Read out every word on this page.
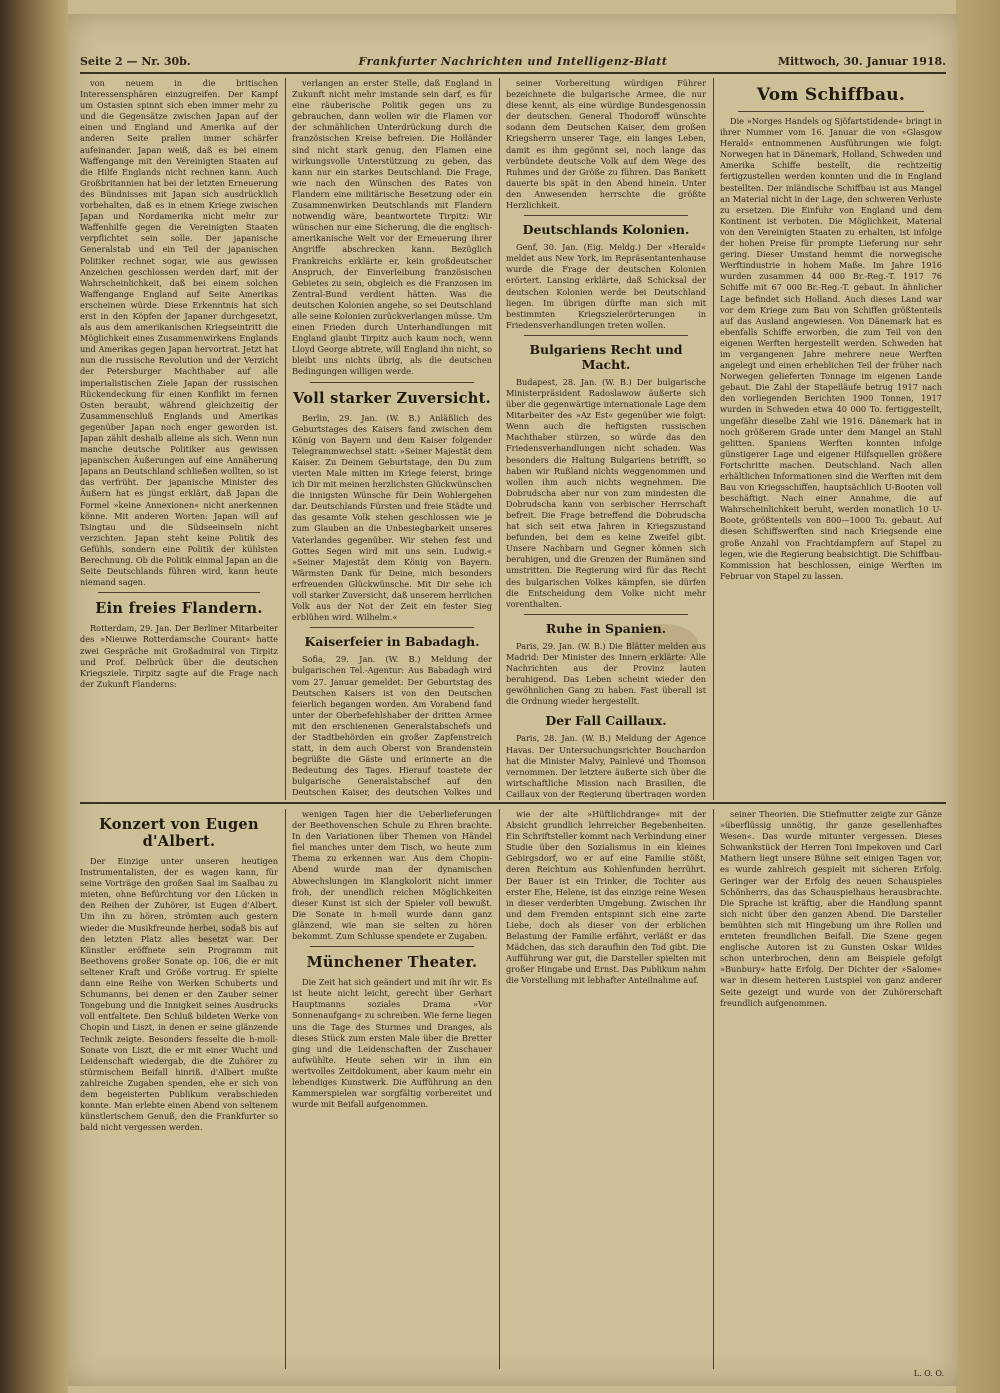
Seite 2 — Nr. 30b.	Frankfurter Nachrichten und Intelligenz-Blatt	Mittwoch, 30. Januar 1918.

von neuem in die britischen Interessensphären einzugreifen. Der Kampf um Ostasien spinnt sich eben immer mehr zu und die Gegensätze zwischen Japan auf der einen und England und Amerika auf der anderen Seite prallen immer schärfer aufeinander. Japan weiß, daß es bei einem Waffengange mit den Vereinigten Staaten auf die Hilfe Englands nicht rechnen kann. Auch Großbritannien hat bei der letzten Erneuerung des Bündnisses mit Japan sich ausdrücklich vorbehalten, daß es in einem Kriege zwischen Japan und Nordamerika nicht mehr zur Waffenhilfe gegen die Vereinigten Staaten verpflichtet sein solle. Der japanische Generalstab und ein Teil der japanischen Politiker rechnet sogar, wie aus gewissen Anzeichen geschlossen werden darf, mit der Wahrscheinlichkeit, daß bei einem solchen Waffengange England auf Seite Amerikas erscheinen würde. Diese Erkenntnis hat sich erst in den Köpfen der Japaner durchgesetzt, als aus dem amerikanischen Kriegseintritt die Möglichkeit eines Zusammenwirkens Englands und Amerikas gegen Japan hervortrat. Jetzt hat nun die russische Revolution und der Verzicht der Petersburger Machthaber auf alle imperialistischen Ziele Japan der russischen Rückendeckung für einen Konflikt im fernen Osten beraubt, während gleichzeitig der Zusammenschluß Englands und Amerikas gegenüber Japan noch enger geworden ist. Japan zählt deshalb alleine als sich. Wenn nun manche deutsche Politiker aus gewissen japanischen Äußerungen auf eine Annäherung Japans an Deutschland schließen wollten, so ist das verfrüht. Der japanische Minister des Äußern hat es jüngst erklärt, daß Japan die Formel »keine Annexionen« nicht anerkennen könne. Mit anderen Worten: Japan will auf Tsingtau und die Südseeinseln nicht verzichten. Japan steht keine Politik des Gefühls, sondern eine Politik der kühlsten Berechnung. Ob die Politik einmal Japan an die Seite Deutschlands führen wird, kann heute niemand sagen.

Ein freies Flandern.

Rotterdam, 29. Jan. Der Berliner Mitarbeiter des »Nieuwe Rotterdamsche Courant« hatte zwei Gespräche mit Großadmiral von Tirpitz und Prof. Delbrück über die deutschen Kriegsziele. Tirpitz sagte auf die Frage nach der Zukunft Flanderns:

verlangen an erster Stelle, daß England in Zukunft nicht mehr imstande sein darf, es für eine räuberische Politik gegen uns zu gebrauchen, dann wollen wir die Flamen vor der schmählichen Unterdrückung durch die französischen Kreise befreien. Die Holländer sind nicht stark genug, den Flamen eine wirkungsvolle Unterstützung zu geben, das kann nur ein starkes Deutschland. Die Frage, wie nach den Wünschen des Rates von Flandern eine militärische Besetzung oder ein Zusammenwirken Deutschlands mit Flandern notwendig wäre, beantwortete Tirpitz: Wir wünschen nur eine Sicherung, die die englisch-amerikanische Welt vor der Erneuerung ihrer Angriffe abschrecken kann. Bezüglich Frankreichs erklärte er, kein großdeutscher Anspruch, der Einverleibung französischen Gebietes zu sein, obgleich es die Franzosen im Zentral-Bund verdient hätten. Was die deutschen Kolonien angehe, so sei Deutschland alle seine Kolonien zurückverlangen müsse. Um einen Frieden durch Unterhandlungen mit England glaubt Tirpitz auch kaum noch, wenn Lloyd George abtrete, will England ihn nicht, so bleibt uns nichts übrig, als die deutschen Bedingungen willigen werde.

Voll starker Zuversicht.

Berlin, 29. Jan. (W. B.) Anläßlich des Geburtstages des Kaisers fand zwischen dem König von Bayern und dem Kaiser folgender Telegrammwechsel statt: »Seiner Majestät dem Kaiser. Zu Deinem Geburtstage, den Du zum vierten Male mitten im Kriege feierst, bringe ich Dir mit meinen herzlichsten Glückwünschen die innigsten Wünsche für Dein Wohlergehen dar. Deutschlands Fürsten und freie Städte und das gesamte Volk stehen geschlossen wie je zum Glauben an die Unbesiegbarkeit unseres Vaterlandes gegenüber. Wir stehen fest und Gottes Segen wird mit uns sein. Ludwig.« »Seiner Majestät dem König von Bayern. Wärmsten Dank für Deine, mich besonders erfreuenden Glückwünsche. Mit Dir sehe ich voll starker Zuversicht, daß unserem herrlichen Volk aus der Not der Zeit ein fester Sieg erblühen wird. Wilhelm.«

Kaiserfeier in Babadagh.

Sofia, 29. Jan. (W. B.) Meldung der bulgarischen Tel.-Agentur: Aus Babadagh wird vom 27. Januar gemeldet: Der Geburtstag des Deutschen Kaisers ist von den Deutschen feierlich begangen worden. Am Vorabend fand unter der Oberbefehlshaber der dritten Armee mit den erschienenen Generalstabschefs und der Stadtbehörden ein großer Zapfenstreich statt, in dem auch Oberst von Brandenstein begrüßte die Gäste und erinnerte an die Bedeutung des Tages. Hierauf toastete der bulgarische Generalstabschef auf den Deutschen Kaiser, des deutschen Volkes und

seiner Vorbereitung würdigen Führer bezeichnete die bulgarische Armee, die nur diese kennt, als eine würdige Bundesgenossin der deutschen. General Thodoroff wünschte sodann dem Deutschen Kaiser, dem großen Kriegsherrn unserer Tage, ein langes Leben, damit es ihm gegönnt sei, noch lange das verbündete deutsche Volk auf dem Wege des Ruhmes und der Größe zu führen. Das Bankett dauerte bis spät in den Abend hinein. Unter den Anwesenden herrschte die größte Herzlichkeit.

Deutschlands Kolonien.

Genf, 30. Jan. (Eig. Meldg.) Der »Herald« meldet aus New York, im Repräsentantenhause wurde die Frage der deutschen Kolonien erörtert. Lansing erklärte, daß Schicksal der deutschen Kolonien werde bei Deutschland liegen. Im übrigen dürfte man sich mit bestimmten Kriegszielerörterungen in Friedensverhandlungen treten wollen.

Bulgariens Recht und Macht.

Budapest, 28. Jan. (W. B.) Der bulgarische Ministerpräsident Radoslawow äußerte sich über die gegenwärtige internationale Lage dem Mitarbeiter des »Az Est« gegenüber wie folgt: Wenn auch die heftigsten russischen Machthaber stürzen, so würde das den Friedensverhandlungen nicht schaden. Was besonders die Haltung Bulgariens betrifft, so haben wir Rußland nichts weggenommen und wollen ihm auch nichts wegnehmen. Die Dobrudscha aber nur von zum mindesten die Dobrudscha kann von serbischer Herrschaft befreit. Die Frage betreffend die Dobrudscha hat sich seit etwa Jahren in Kriegszustand befunden, bei dem es keine Zweifel gibt. Unsere Nachbarn und Gegner können sich beruhigen, und die Grenzen der Rumänen sind umstritten. Die Regierung wird für das Recht des bulgarischen Volkes kämpfen, sie dürfen die Entscheidung dem Volke nicht mehr vorenthalten.

Ruhe in Spanien.

Paris, 29. Jan. (W. B.) Die Blätter melden aus Madrid: Der Minister des Innern erklärte: Alle Nachrichten aus der Provinz lauten beruhigend. Das Leben scheint wieder den gewöhnlichen Gang zu haben. Fast überall ist die Ordnung wieder hergestellt.

Der Fall Caillaux.

Paris, 28. Jan. (W. B.) Meldung der Agence Havas. Der Untersuchungsrichter Bouchardon hat die Minister Malvy, Painlevé und Thomson vernommen. Der letztere äußerte sich über die wirtschaftliche Mission nach Brasilien, die Caillaux von der Regierung übertragen worden

Vom Schiffbau.

Die »Norges Handels og Sjöfartstidende« bringt in ihrer Nummer vom 16. Januar die von »Glasgow Herald« entnommenen Ausführungen wie folgt: Norwegen hat in Dänemark, Holland, Schweden und Amerika Schiffe bestellt, die rechtzeitig fertigzustellen werden konnten und die in England bestellten. Der inländische Schiffbau ist aus Mangel an Material nicht in der Lage, den schweren Verluste zu ersetzen. Die Einfuhr von England und dem Kontinent ist verboten. Die Möglichkeit, Material von den Vereinigten Staaten zu erhalten, ist infolge der hohen Preise für prompte Lieferung nur sehr gering. Dieser Umstand hemmt die norwegische Werftindustrie in hohem Maße. Im Jahre 1916 wurden zusammen 44 000 Br.-Reg.-T. 1917 76 Schiffe mit 67 000 Br.-Reg.-T. gebaut. In ähnlicher Lage befindet sich Holland. Auch dieses Land war vor dem Kriege zum Bau von Schiffen größtenteils auf das Ausland angewiesen. Von Dänemark hat es ebenfalls Schiffe erworben, die zum Teil von den eigenen Werften hergestellt werden. Schweden hat im vergangenen Jahre mehrere neue Werften angelegt und einen erheblichen Teil der früher nach Norwegen gelieferten Tonnage im eigenen Lande gebaut. Die Zahl der Stapelläufe betrug 1917 nach den vorliegenden Berichten 1900 Tonnen, 1917 wurden in Schweden etwa 40 000 To. fertiggestellt, ungefähr dieselbe Zahl wie 1916. Dänemark hat in noch größerem Grade unter dem Mangel an Stahl gelitten. Spaniens Werften konnten infolge günstigerer Lage und eigener Hilfsquellen größere Fortschritte machen. Deutschland. Nach allen erhältlichen Informationen sind die Werften mit dem Bau von Kriegsschiffen, hauptsächlich U-Booten voll beschäftigt. Nach einer Annahme, die auf Wahrscheinlichkeit beruht, werden monatlich 10 U-Boote, größtenteils von 800—1000 To. gebaut. Auf diesen Schiffswerften sind nach Kriegsende eine große Anzahl von Frachtdampfern auf Stapel zu legen, wie die Regierung beabsichtigt. Die Schiffbau-Kommission hat beschlossen, einige Werften im Februar von Stapel zu lassen.

Konzert von Eugen d'Albert.

Der Einzige unter unseren heutigen Instrumentalisten, der es wagen kann, für seine Vorträge den großen Saal im Saalbau zu mieten, ohne Befürchtung vor den Lücken in den Reihen der Zuhörer, ist Eugen d'Albert. Um ihn zu hören, strömten auch gestern wieder die Musikfreunde herbei, sodaß bis auf den letzten Platz alles besetzt war. Der Künstler eröffnete sein Programm mit Beethovens großer Sonate op. 106, die er mit seltener Kraft und Größe vortrug. Er spielte dann eine Reihe von Werken Schuberts und Schumanns, bei denen er den Zauber seiner Tongebung und die Innigkeit seines Ausdrucks voll entfaltete. Den Schluß bildeten Werke von Chopin und Liszt, in denen er seine glänzende Technik zeigte. Besonders fesselte die h-moll-Sonate von Liszt, die er mit einer Wucht und Leidenschaft wiedergab, die die Zuhörer zu stürmischem Beifall hinriß. d'Albert mußte zahlreiche Zugaben spenden, ehe er sich von dem begeisterten Publikum verabschieden konnte. Man erlebte einen Abend von seltenem künstlerischem Genuß, den die Frankfurter so bald nicht vergessen werden.

wenigen Tagen hier die Ueberlieferungen der Beethovenschen Schule zu Ehren brachte. In den Variationen über Themen von Händel fiel manches unter dem Tisch, wo heute zum Thema zu erkennen war. Aus dem Chopin-Abend wurde man der dynamischen Abwechslungen im Klangkolorit nicht immer froh, der unendlich reichen Möglichkeiten dieser Kunst ist sich der Spieler voll bewußt. Die Sonate in h-moll wurde dann ganz glänzend, wie man sie selten zu hören bekommt. Zum Schlusse spendete er Zugaben.

Münchener Theater.

Die Zeit hat sich geändert und mit ihr wir. Es ist heute nicht leicht, gerecht über Gerhart Hauptmanns soziales Drama »Vor Sonnenaufgang« zu schreiben. Wie ferne liegen uns die Tage des Sturmes und Dranges, als dieses Stück zum ersten Male über die Bretter ging und die Leidenschaften der Zuschauer aufwühlte. Heute sehen wir in ihm ein wertvolles Zeitdokument, aber kaum mehr ein lebendiges Kunstwerk. Die Aufführung an den Kammerspielen war sorgfältig vorbereitet und wurde mit Beifall aufgenommen.

wie der alte »Hüftlichdrange« mit der Absicht grundlich lehrreicher Begebenheiten. Ein Schriftsteller kommt nach Verbindung einer Studie über den Sozialismus in ein kleines Gebirgsdorf, wo er auf eine Familie stößt, deren Reichtum aus Kohlenfunden herrührt. Der Bauer ist ein Trinker, die Tochter aus erster Ehe, Helene, ist das einzige reine Wesen in dieser verderbten Umgebung. Zwischen ihr und dem Fremden entspinnt sich eine zarte Liebe, doch als dieser von der erblichen Belastung der Familie erfährt, verläßt er das Mädchen, das sich daraufhin den Tod gibt. Die Aufführung war gut, die Darsteller spielten mit großer Hingabe und Ernst. Das Publikum nahm die Vorstellung mit lebhafter Anteilnahme auf.

seiner Theorien. Die Stiefmutter zeigte zur Gänze »überflüssig unnötig, ihr ganze gesellenhaftes Wesen«. Das wurde mitunter vergessen. Dieses Schwankstück der Herren Toni Impekoven und Carl Mathern liegt unsere Bühne seit einigen Tagen vor, es wurde zahlreich gespielt mit sicheren Erfolg. Geringer war der Erfolg des neuen Schauspieles Schönherrs, das das Schauspielhaus herausbrachte. Die Sprache ist kräftig, aber die Handlung spannt sich nicht über den ganzen Abend. Die Darsteller bemühten sich mit Hingebung um ihre Rollen und ernteten freundlichen Beifall. Die Szene gegen englische Autoren ist zu Gunsten Oskar Wildes schon unterbrochen, denn am Beispiele gefolgt »Bunbury« hatte Erfolg. Der Dichter der »Salome« war in diesem heiteren Lustspiel von ganz anderer Seite gezeigt und wurde von der Zuhörerschaft freundlich aufgenommen.

L. O. O.
